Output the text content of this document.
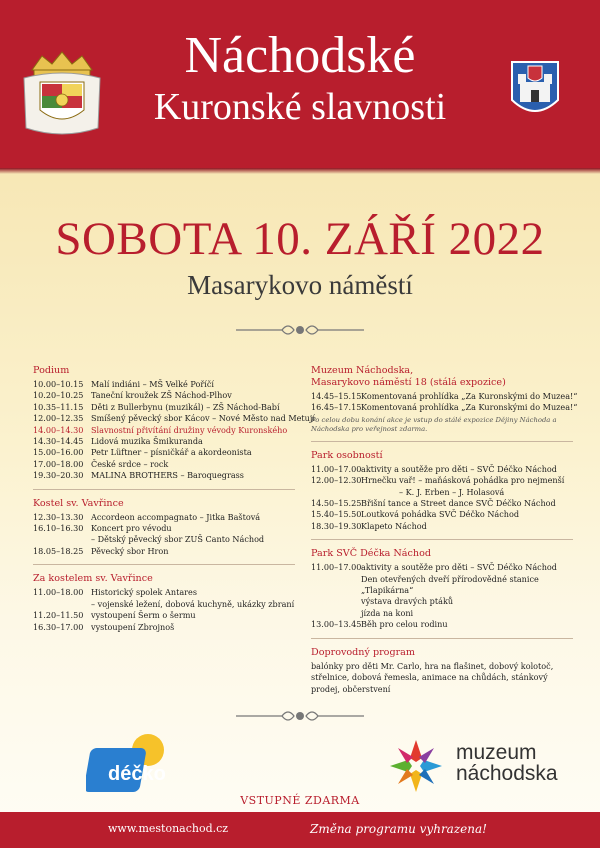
Náchodské
Kuronské slavnosti
SOBOTA 10. ZÁŘÍ 2022
Masarykovo náměstí
Podium
10.00–10.15 Malí indiáni – MŠ Velké Poříčí
10.20–10.25 Taneční kroužek ZŠ Náchod-Plhov
10.35–11.15 Děti z Bullerbynu (muzikál) – ZŠ Náchod-Babí
12.00–12.35 Smíšený pěvecký sbor Kácov – Nové Město nad Metují
14.00–14.30 Slavnostní přivítání družiny vévody Kuronského
14.30–14.45 Lidová muzika Šmikuranda
15.00–16.00 Petr Lüftner – písničkář a akordeonista
17.00–18.00 České srdce – rock
19.30–20.30 MALINA BROTHERS – Baroquegrass
Kostel sv. Vavřince
12.30–13.30 Accordeon accompagnato – Jitka Baštová
16.10–16.30 Koncert pro vévodu
– Dětský pěvecký sbor ZUŠ Canto Náchod
18.05–18.25 Pěvecký sbor Hron
Za kostelem sv. Vavřince
11.00–18.00 Historický spolek Antares
– vojenské ležení, dobová kuchyně, ukázky zbraní
11.20–11.50 vystoupení Šerm o šermu
16.30–17.00 vystoupení Zbrojnoš
Muzeum Náchodska,
Masarykovo náměstí 18 (stálá expozice)
14.45–15.15 Komentovaná prohlídka „Za Kuronskými do Muzea!“
16.45–17.15 Komentovaná prohlídka „Za Kuronskými do Muzea!“
Po celou dobu konání akce je vstup do stálé expozice Dějiny Náchoda a Náchodska pro veřejnost zdarma.
Park osobností
11.00–17.00 aktivity a soutěže pro děti – SVČ Déčko Náchod
12.00–12.30 Hrnečku vař! – maňásková pohádka pro nejmenší
– K. J. Erben – J. Holasová
14.50–15.25 Břišní tance a Street dance SVČ Déčko Náchod
15.40–15.50 Loutková pohádka SVČ Déčko Náchod
18.30–19.30 Klapeto Náchod
Park SVČ Déčka Náchod
11.00–17.00 aktivity a soutěže pro děti – SVČ Déčko Náchod
Den otevřených dveří přírodovědné stanice
„Tlapikárna“
výstava dravých ptáků
jízda na koni
13.00–13.45 Běh pro celou rodinu
Doprovodný program
balónky pro děti Mr. Carlo, hra na flašinet, dobový kolotoč, střelnice, dobová řemesla, animace na chůdách, stánkový prodej, občerstvení
déčko
muzeum
náchodska
VSTUPNÉ ZDARMA
www.mestonachod.cz	Změna programu vyhrazena!
